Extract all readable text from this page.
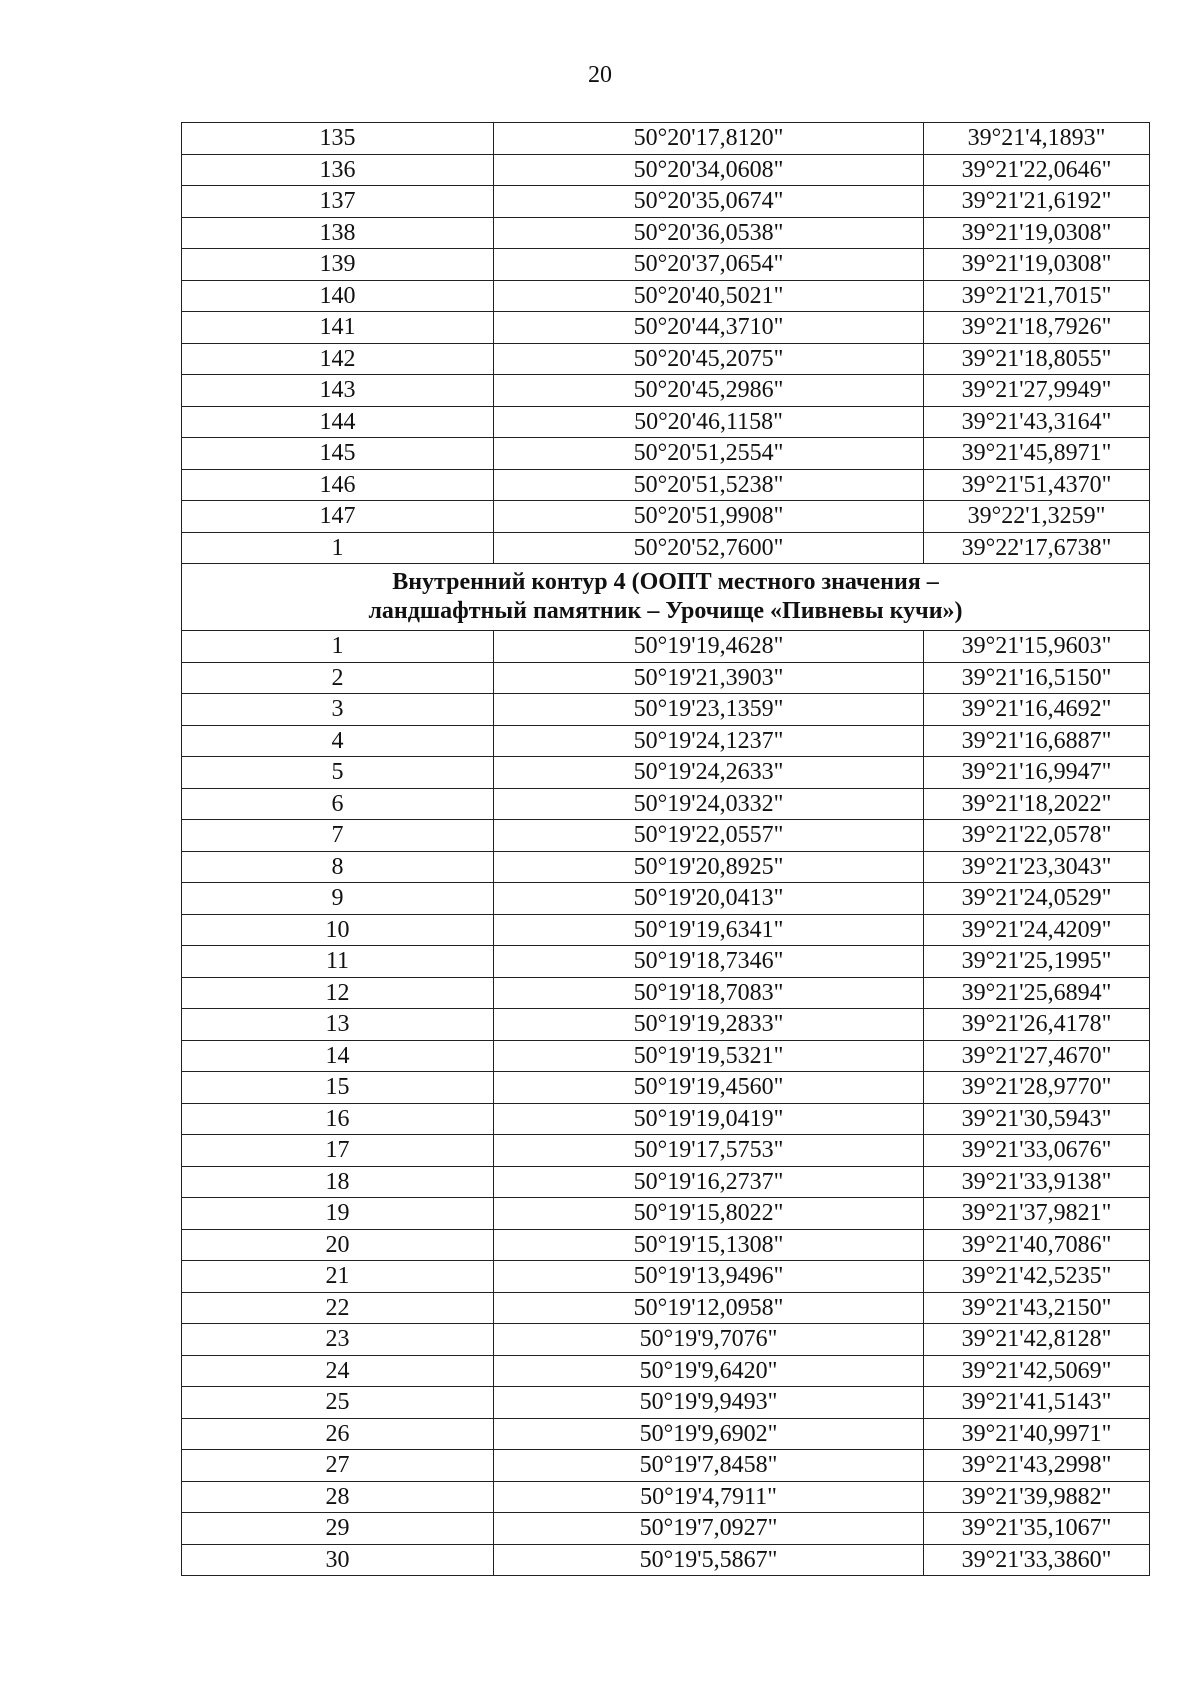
20
135	50°20'17,8120"	39°21'4,1893"
136	50°20'34,0608"	39°21'22,0646"
137	50°20'35,0674"	39°21'21,6192"
138	50°20'36,0538"	39°21'19,0308"
139	50°20'37,0654"	39°21'19,0308"
140	50°20'40,5021"	39°21'21,7015"
141	50°20'44,3710"	39°21'18,7926"
142	50°20'45,2075"	39°21'18,8055"
143	50°20'45,2986"	39°21'27,9949"
144	50°20'46,1158"	39°21'43,3164"
145	50°20'51,2554"	39°21'45,8971"
146	50°20'51,5238"	39°21'51,4370"
147	50°20'51,9908"	39°22'1,3259"
1	50°20'52,7600"	39°22'17,6738"

Внутренний контур 4 (ООПТ местного значения –
ландшафтный памятник – Урочище «Пивневы кучи»)		

1	50°19'19,4628"	39°21'15,9603"
2	50°19'21,3903"	39°21'16,5150"
3	50°19'23,1359"	39°21'16,4692"
4	50°19'24,1237"	39°21'16,6887"
5	50°19'24,2633"	39°21'16,9947"
6	50°19'24,0332"	39°21'18,2022"
7	50°19'22,0557"	39°21'22,0578"
8	50°19'20,8925"	39°21'23,3043"
9	50°19'20,0413"	39°21'24,0529"
10	50°19'19,6341"	39°21'24,4209"
11	50°19'18,7346"	39°21'25,1995"
12	50°19'18,7083"	39°21'25,6894"
13	50°19'19,2833"	39°21'26,4178"
14	50°19'19,5321"	39°21'27,4670"
15	50°19'19,4560"	39°21'28,9770"
16	50°19'19,0419"	39°21'30,5943"
17	50°19'17,5753"	39°21'33,0676"
18	50°19'16,2737"	39°21'33,9138"
19	50°19'15,8022"	39°21'37,9821"
20	50°19'15,1308"	39°21'40,7086"
21	50°19'13,9496"	39°21'42,5235"
22	50°19'12,0958"	39°21'43,2150"
23	50°19'9,7076"	39°21'42,8128"
24	50°19'9,6420"	39°21'42,5069"
25	50°19'9,9493"	39°21'41,5143"
26	50°19'9,6902"	39°21'40,9971"
27	50°19'7,8458"	39°21'43,2998"
28	50°19'4,7911"	39°21'39,9882"
29	50°19'7,0927"	39°21'35,1067"
30	50°19'5,5867"	39°21'33,3860"
